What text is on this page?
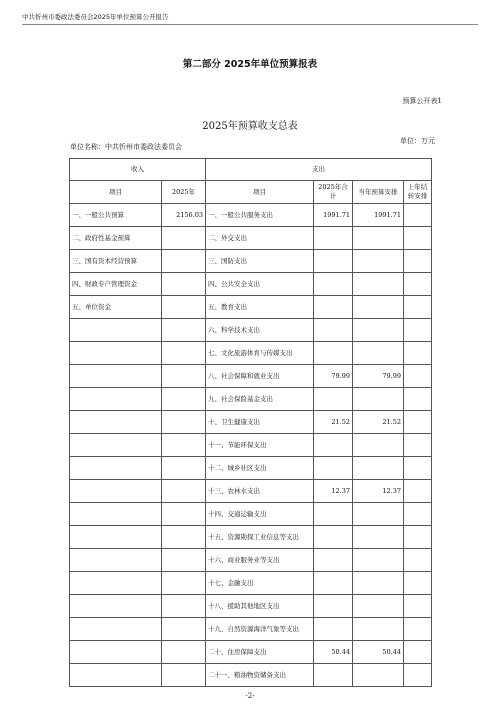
中共忻州市委政法委员会2025年单位预算公开报告
第二部分 2025年单位预算报表
预算公开表1
2025年预算收支总表
单位名称：中共忻州市委政法委员会
单位：万元
收入		支出			
项目	2025年	项目	2025年合计	当年预算安排	上年结转安排
一、一般公共预算	2156.03	一、一般公共服务支出	1991.71	1991.71	
二、政府性基金预算		二、外交支出			
三、国有资本经营预算		三、国防支出			
四、财政专户管理资金		四、公共安全支出			
五、单位资金		五、教育支出			
		六、科学技术支出			
		七、文化旅游体育与传媒支出			
		八、社会保障和就业支出	79.99	79.99	
		九、社会保险基金支出			
		十、卫生健康支出	21.52	21.52	
		十一、节能环保支出			
		十二、城乡社区支出			
		十三、农林水支出	12.37	12.37	
		十四、交通运输支出			
		十五、资源勘探工业信息等支出			
		十六、商业服务业等支出			
		十七、金融支出			
		十八、援助其他地区支出			
		十九、自然资源海洋气象等支出			
		二十、住房保障支出	50.44	50.44	
		二十一、粮油物资储备支出			
-2-
